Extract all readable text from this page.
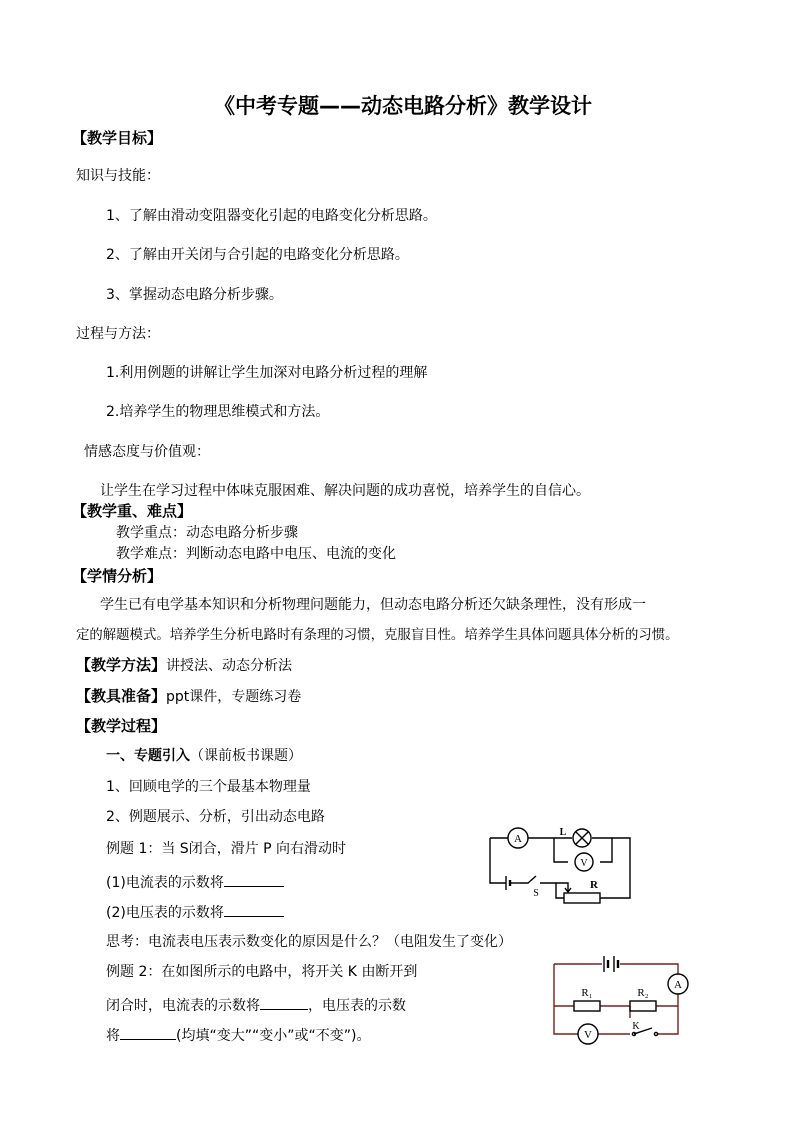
《中考专题——动态电路分析》教学设计
【教学目标】
知识与技能：
1、了解由滑动变阻器变化引起的电路变化分析思路。
2、了解由开关闭与合引起的电路变化分析思路。
3、掌握动态电路分析步骤。
过程与方法：
1.利用例题的讲解让学生加深对电路分析过程的理解
2.培养学生的物理思维模式和方法。
情感态度与价值观：
让学生在学习过程中体味克服困难、解决问题的成功喜悦，培养学生的自信心。
【教学重、难点】
教学重点：动态电路分析步骤
教学难点：判断动态电路中电压、电流的变化
【学情分析】
学生已有电学基本知识和分析物理问题能力，但动态电路分析还欠缺条理性，没有形成一
定的解题模式。培养学生分析电路时有条理的习惯，克服盲目性。培养学生具体问题具体分析的习惯。
【教学方法】讲授法、动态分析法
【教具准备】ppt课件，专题练习卷
【教学过程】
一、专题引入（课前板书课题）
1、回顾电学的三个最基本物理量
2、例题展示、分析，引出动态电路
例题 1：当 S闭合，滑片 P 向右滑动时
(1)电流表的示数将
(2)电压表的示数将
思考：电流表电压表示数变化的原因是什么？（电阻发生了变化）
例题 2：在如图所示的电路中，将开关 K 由断开到
闭合时，电流表的示数将	，电压表的示数
将	(均填“变大”“变小”或“不变”)。
A
L
V
S
R
A
R₁	R₂
V
K
